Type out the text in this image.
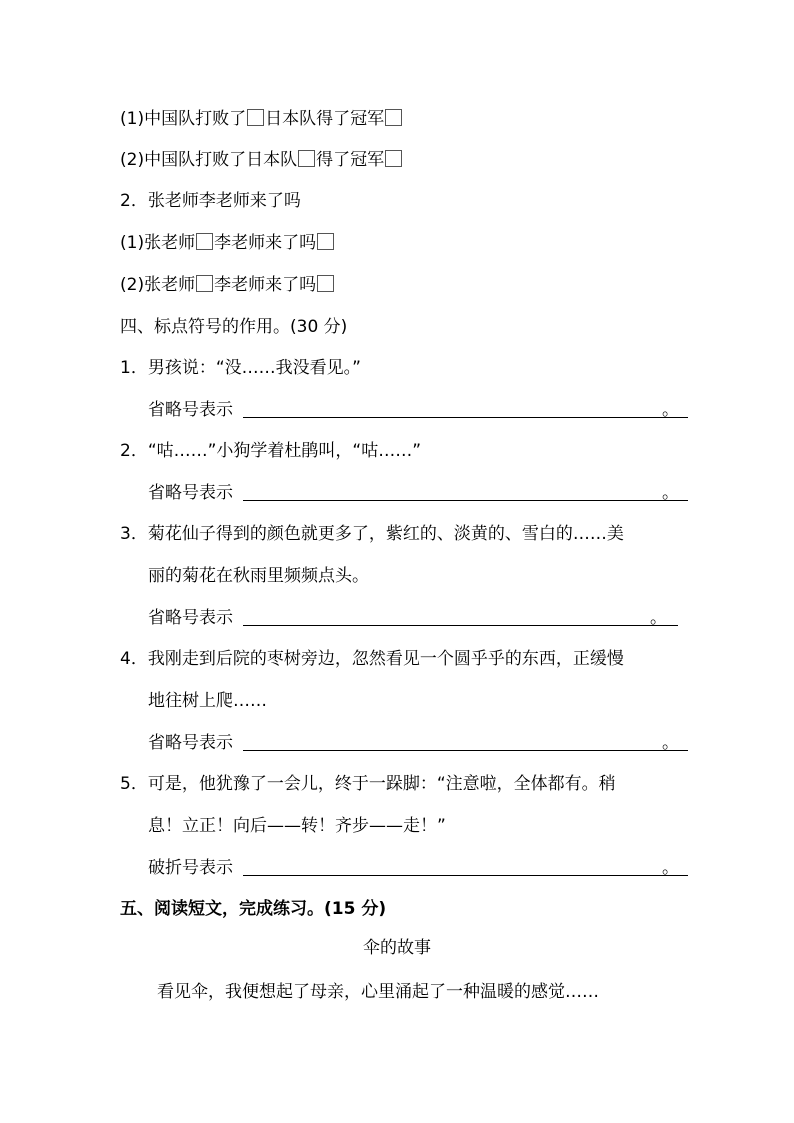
(1)中国队打败了 日本队得了冠军
(2)中国队打败了日本队 得了冠军
2．张老师李老师来了吗
(1)张老师 李老师来了吗
(2)张老师 李老师来了吗
四、标点符号的作用。(30 分)
1．男孩说：“没……我没看见。”
省略号表示	。
2．“咕……”小狗学着杜鹃叫，“咕……”
省略号表示	。
3．菊花仙子得到的颜色就更多了，紫红的、淡黄的、雪白的……美
丽的菊花在秋雨里频频点头。
省略号表示	。
4．我刚走到后院的枣树旁边，忽然看见一个圆乎乎的东西，正缓慢
地往树上爬……
省略号表示	。
5．可是，他犹豫了一会儿，终于一跺脚：“注意啦，全体都有。稍
息！立正！向后——转！齐步——走！”
破折号表示	。
五、阅读短文，完成练习。(15 分)
伞的故事
看见伞，我便想起了母亲，心里涌起了一种温暖的感觉……
